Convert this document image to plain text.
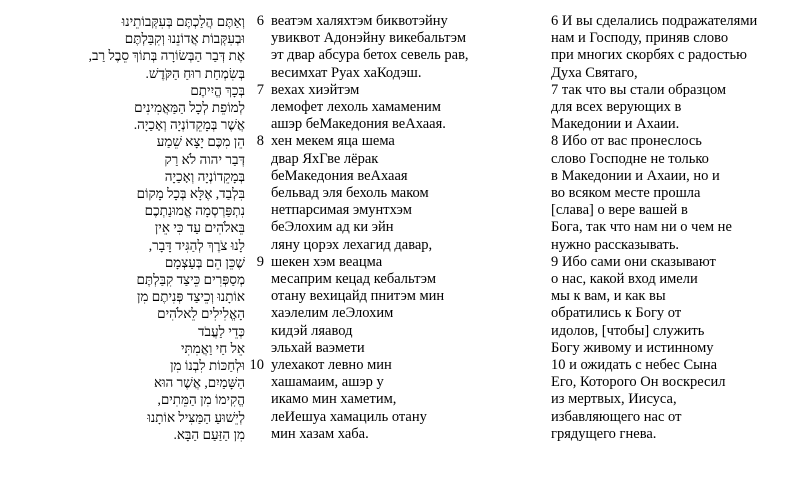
וְאַתֶּם הֲלַכְתֶּם בְּעִקְּבוֹתֵינוּ 6 веатэм халяхтэм биквотэйну
וּבְעִקְּבוֹת אֲדוֹנֵנוּ וְקִבַּלְתֶּם увиквот Адонэйну викебальтэм
אֶת דְּבַר הַבְּשׂוֹרָה בְּתוֹךְ סֵבֶל רַב, эт двар абсура бетох севель рав,
בְּשִׂמְחַת רוּחַ הַקֹּדֶשׁ. весимхат Руах хаКодэш.
בְּכָךְ הֱיִיתֶם 7 вехах хиэйтэм
לְמוֹפֵת לְכָל הַמַּאֲמִינִים лемофет лехоль хамаменим
אֲשֶׁר בְּמָקֵדוֹנְיָה וְאָכַיָה. ашэр беМакедония веАхаая.
הֵן מִכֶּם יָצָא שֵׁמַע 8 хен мекем яца шема
דְּבַר יהוה לֹא רַק двар ЯхГве лёрак
בְּמָקֵדוֹנְיָה וְאָכַיָה беМакедония веАхаая
בִּלְבַד, אֶלָּא בְּכָל מָקוֹם бельвад эля бехоль маком
נִתְפַּרְסְמָה אֱמוּנַתְכֶם нетпарсимая эмунтхэм
בֵּאלֹהִים עַד כִּי אֵין беЭлохим ад ки эйн
לָנוּ צֹרֶךְ לְהַגִּיד דָּבָר, ляну цорэх лехагид давар,
שֶׁכֵּן הֵם בְּעַצְמָם 9 шекен хэм веацма
מְסַפְּרִים כֵּיצַד קִבַּלְתֶּם месаприм кецад кебальтэм
אוֹתָנוּ וְכֵיצַד פְּנִיתֶם מִן отану вехицайд пнитэм мин
הָאֱלִילִים לֵאלֹהִים хаэлелим леЭлохим
כְּדֵי לַעֲבֹד кидэй ляавод
אֵל חַי וַאֲמִתִּי эльхай ваэмети
וּלְחַכּוֹת לִבְנוֹ מִן 10 улехакот левно мин
הַשָּׁמַיִם, אֲשֶׁר הוּא хашамаим, ашэр у
הֱקִימוֹ מִן הַמֵּתִים, икамо мин хаметим,
לְיֵשׁוּעַ הַמַּצִּיל אוֹתָנוּ леИешуа хамациль отану
מִן הַזַּעַם הַבָּא. мин хазам хаба.
6 И вы сделались подражателями
нам и Господу, приняв слово
при многих скорбях с радостью
Духа Святаго,
7 так что вы стали образцом
для всех верующих в
Македонии и Ахаии.
8 Ибо от вас пронеслось
слово Господне не только
в Македонии и Ахаии, но и
во всяком месте прошла
[слава] о вере вашей в
Бога, так что нам ни о чем не
нужно рассказывать.
9 Ибо сами они сказывают
о нас, какой вход имели
мы к вам, и как вы
обратились к Богу от
идолов, [чтобы] служить
Богу живому и истинному
10 и ожидать с небес Сына
Его, Которого Он воскресил
из мертвых, Иисуса,
избавляющего нас от
грядущего гнева.
